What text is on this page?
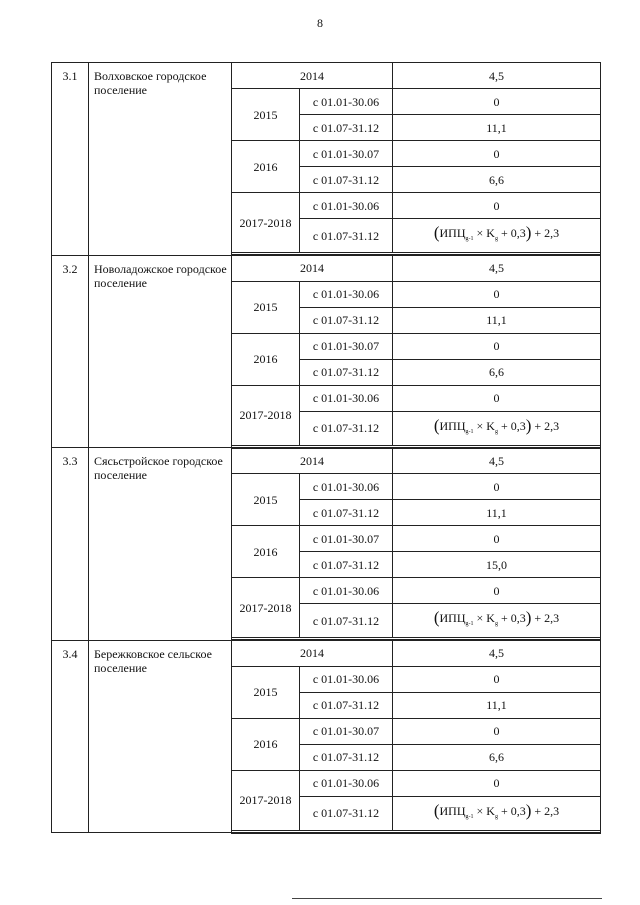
8
3.1	Волховское городское поселение	2014		4,5
		2015	с 01.01-30.06	0
			с 01.07-31.12	11,1
		2016	с 01.01-30.07	0
			с 01.07-31.12	6,6
		2017-2018	с 01.01-30.06	0
			с 01.07-31.12	$(ИПЦ_{g-1} \times K_g + 0,3) + 2,3$

3.2	Новоладожское городское поселение	2014		4,5
		2015	с 01.01-30.06	0
			с 01.07-31.12	11,1
		2016	с 01.01-30.07	0
			с 01.07-31.12	6,6
		2017-2018	с 01.01-30.06	0
			с 01.07-31.12	$(ИПЦ_{g-1} \times K_g + 0,3) + 2,3$

3.3	Сясьстройское городское поселение	2014		4,5
		2015	с 01.01-30.06	0
			с 01.07-31.12	11,1
		2016	с 01.01-30.07	0
			с 01.07-31.12	15,0
		2017-2018	с 01.01-30.06	0
			с 01.07-31.12	$(ИПЦ_{g-1} \times K_g + 0,3) + 2,3$

3.4	Бережковское сельское поселение	2014		4,5
		2015	с 01.01-30.06	0
			с 01.07-31.12	11,1
		2016	с 01.01-30.07	0
			с 01.07-31.12	6,6
		2017-2018	с 01.01-30.06	0
			с 01.07-31.12	$(ИПЦ_{g-1} \times K_g + 0,3) + 2,3$
